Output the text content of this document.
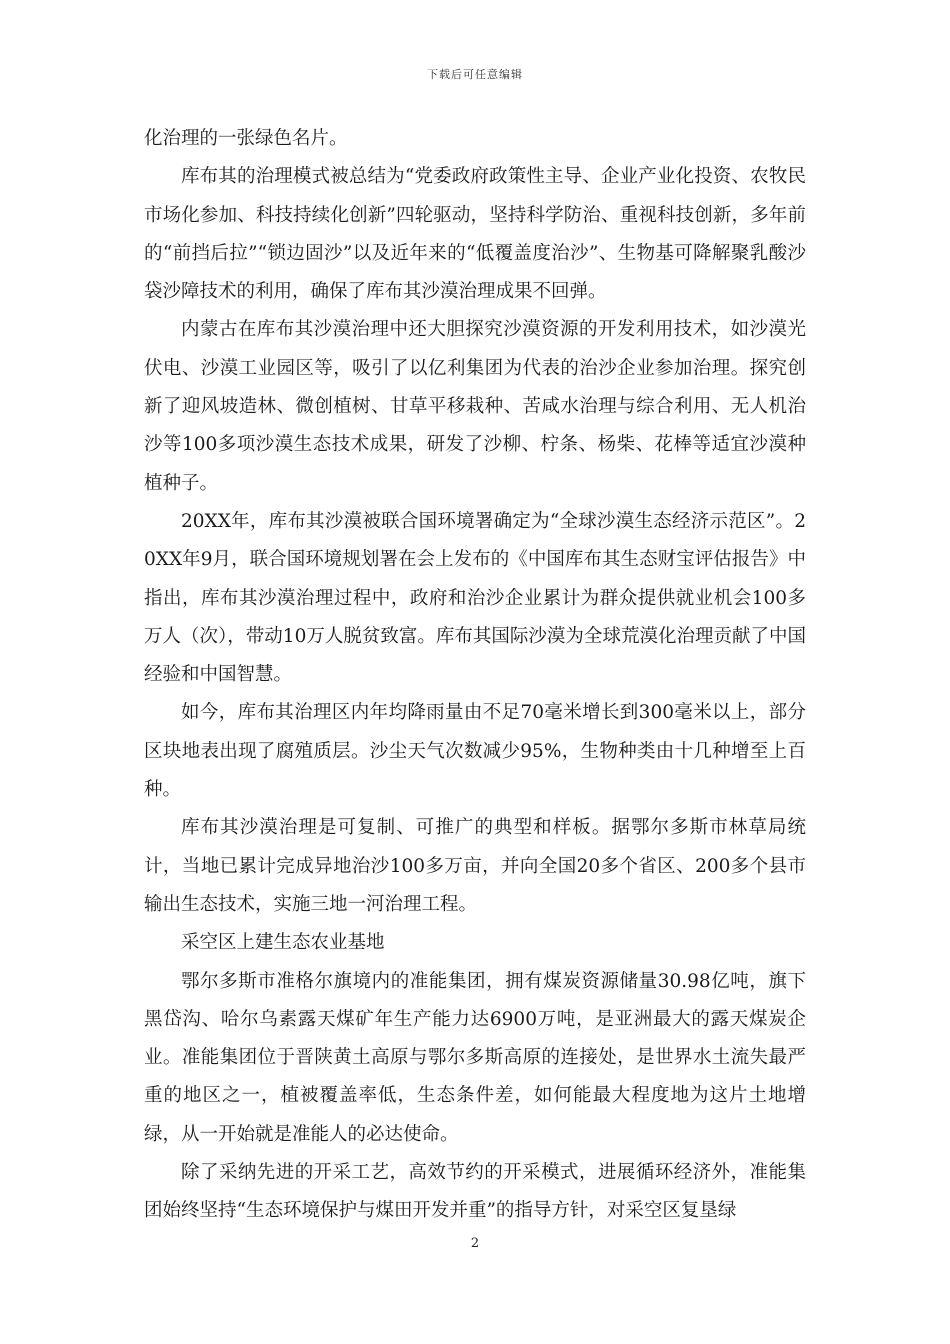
下载后可任意编辑

化治理的一张绿色名片。

库布其的治理模式被总结为“党委政府政策性主导、企业产业化投资、农牧民市场化参加、科技持续化创新”四轮驱动，坚持科学防治、重视科技创新，多年前的“前挡后拉”“锁边固沙”以及近年来的“低覆盖度治沙”、生物基可降解聚乳酸沙袋沙障技术的利用，确保了库布其沙漠治理成果不回弹。

内蒙古在库布其沙漠治理中还大胆探究沙漠资源的开发利用技术，如沙漠光伏电、沙漠工业园区等，吸引了以亿利集团为代表的治沙企业参加治理。探究创新了迎风坡造林、微创植树、甘草平移栽种、苦咸水治理与综合利用、无人机治沙等100多项沙漠生态技术成果，研发了沙柳、柠条、杨柴、花棒等适宜沙漠种植种子。

20XX年，库布其沙漠被联合国环境署确定为“全球沙漠生态经济示范区”。20XX年9月，联合国环境规划署在会上发布的《中国库布其生态财宝评估报告》中指出，库布其沙漠治理过程中，政府和治沙企业累计为群众提供就业机会100多万人（次），带动10万人脱贫致富。库布其国际沙漠为全球荒漠化治理贡献了中国经验和中国智慧。

如今，库布其治理区内年均降雨量由不足70毫米增长到300毫米以上，部分区块地表出现了腐殖质层。沙尘天气次数减少95%，生物种类由十几种增至上百种。

库布其沙漠治理是可复制、可推广的典型和样板。据鄂尔多斯市林草局统计，当地已累计完成异地治沙100多万亩，并向全国20多个省区、200多个县市输出生态技术，实施三地一河治理工程。

采空区上建生态农业基地

鄂尔多斯市准格尔旗境内的准能集团，拥有煤炭资源储量30.98亿吨，旗下黑岱沟、哈尔乌素露天煤矿年生产能力达6900万吨，是亚洲最大的露天煤炭企业。准能集团位于晋陕黄土高原与鄂尔多斯高原的连接处，是世界水土流失最严重的地区之一，植被覆盖率低，生态条件差，如何能最大程度地为这片土地增绿，从一开始就是准能人的必达使命。

除了采纳先进的开采工艺，高效节约的开采模式，进展循环经济外，准能集团始终坚持“生态环境保护与煤田开发并重”的指导方针，对采空区复垦绿

2
